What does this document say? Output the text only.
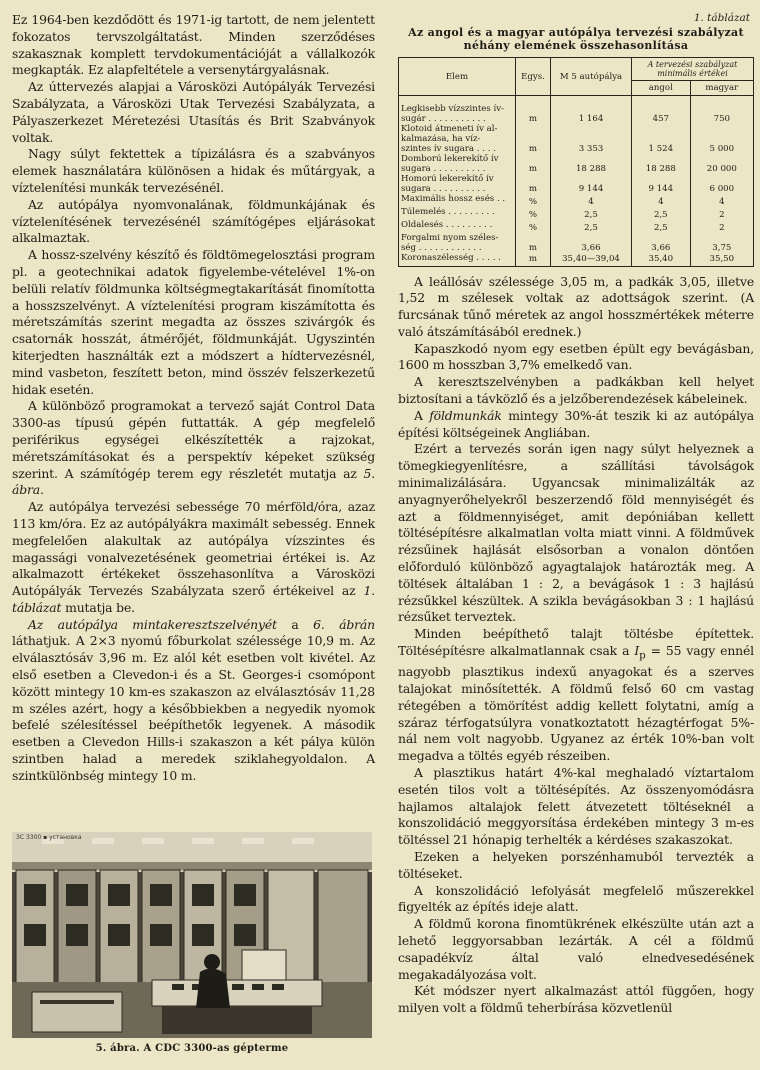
Ez 1964-ben kezdődött és 1971-ig tartott, de nem jelentett fokozatos tervszolgáltatást. Minden szerződéses szakasznak komplett tervdokumentációját a vállalkozók megkapták. Ez alapfeltétele a versenytárgyalásnak.

Az úttervezés alapjai a Városközi Autópályák Tervezési Szabályzata, a Városközi Utak Tervezési Szabályzata, a Pályaszerkezet Méretezési Utasítás és Brit Szabványok voltak.

Nagy súlyt fektettek a típizálásra és a szabványos elemek használatára különösen a hidak és műtárgyak, a víztelenítési munkák tervezésénél.

Az autópálya nyomvonalának, földmunkájának és víztelenítésének tervezésénél számítógépes eljárásokat alkalmaztak.

A hossz-szelvény készítő és földtömegelosztási program pl. a geotechnikai adatok figyelembe-vételével 1%-on belüli relatív földmunka költségmegtakarítását finomította a hosszszelvényt. A víztelenítési program kiszámította és méretszámítás szerint megadta az összes szivárgók és csatornák hosszát, átmérőjét, földmunkáját. Ugyszintén kiterjedten használták ezt a módszert a hídtervezésnél, mind vasbeton, feszített beton, mind összév felszerkezetű hidak esetén.

A különböző programokat a tervező saját Control Data 3300-as típusú gépén futtatták. A gép megfelelő periférikus egységei elkészítették a rajzokat, méretszámításokat és a perspektív képeket szükség szerint. A számítógép terem egy részletét mutatja az 5. ábra.

Az autópálya tervezési sebessége 70 mérföld/óra, azaz 113 km/óra. Ez az autópályákra maximált sebesség. Ennek megfelelően alakultak az autópálya vízszintes és magassági vonalvezetésének geometriai értékei is. Az alkalmazott értékeket összehasonlítva a Városközi Autópályák Tervezés Szabályzata szerő értékeivel az 1. táblázat mutatja be.

Az autópálya mintakeresztszelvényét a 6. ábrán láthatjuk. A 2×3 nyomú főburkolat szélessége 10,9 m. Az elválasztósáv 3,96 m. Ez alól két esetben volt kivétel. Az első esetben a Clevedon-i és a St. Georges-i csomópont között mintegy 10 km-es szakaszon az elválasztósáv 11,28 m széles azért, hogy a későbbiekben a negyedik nyomok befelé szélesítéssel beépíthetők legyenek. A második esetben a Clevedon Hills-i szakaszon a két pálya külön szintben halad a meredek sziklahegyoldalon. A szintkülönbség mintegy 10 m.

ЗС 3300 ▪ установка
5. ábra. A CDC 3300-as gépterme
1. táblázat
Az angol és a magyar autópálya tervezési szabályzat
néhány elemének összehasonlítása
Elem	Egys.	M 5 autópálya	A tervezési szabályzat minimális értékei	
			angol	magyar

Legkisebb vízszintes ív-
sugár . . . . . . . . . . .	m	1 164	457	750

Klotoid átmeneti ív al-
kalmazása, ha víz-
szintes ív sugara . . . .	m	3 353	1 524	5 000

Domború lekerekítő ív
sugara . . . . . . . . . .	m	18 288	18 288	20 000

Homorú lekerekítő ív
sugara . . . . . . . . . .	m	9 144	9 144	6 000

Maximális hossz esés . .	%	4	4	4

Túlemelés . . . . . . . . .	%	2,5	2,5	2

Oldalesés . . . . . . . . .	%	2,5	2,5	2

Forgalmi nyom széles-
ség . . . . . . . . . . . .	m	3,66	3,66	3,75

Koronaszélesség . . . . .	m	35,40—39,04	35,40	35,50

A leállósáv szélessége 3,05 m, a padkák 3,05, illetve 1,52 m szélesek voltak az adottságok szerint. (A furcsának tűnő méretek az angol hosszmértékek méterre való átszámításából erednek.)

Kapaszkodó nyom egy esetben épült egy bevágásban, 1600 m hosszban 3,7% emelkedő van.

A keresztszelvényben a padkákban kell helyet biztosítani a távközlő és a jelzőberendezések kábeleinek.

A földmunkák mintegy 30%-át teszik ki az autópálya építési költségeinek Angliában.

Ezért a tervezés során igen nagy súlyt helyeznek a tömegkiegyenlítésre, a szállítási távolságok minimalizálására. Ugyancsak minimalizálták az anyagnyerőhelyekről beszerzendő föld mennyiségét és azt a földmennyiséget, amit depóniában kellett töltésépítésre alkalmatlan volta miatt vinni. A földművek rézsűinek hajlását elsősorban a vonalon döntően előforduló különböző agyagtalajok határozták meg. A töltések általában 1 : 2, a bevágások 1 : 3 hajlású rézsűkkel készültek. A szikla bevágásokban 3 : 1 hajlású rézsűket terveztek.

Minden beépíthető talajt töltésbe építettek. Töltésépítésre alkalmatlannak csak a $I_p = 55$ vagy ennél nagyobb plasztikus indexű anyagokat és a szerves talajokat minősítették. A földmű felső 60 cm vastag rétegében a tömörítést addig kellett folytatni, amíg a száraz térfogatsúlyra vonatkoztatott hézagtérfogat 5%-nál nem volt nagyobb. Ugyanez az érték 10%-ban volt megadva a töltés egyéb részeiben.

A plasztikus határt 4%-kal meghaladó víztartalom esetén tilos volt a töltésépítés. Az összenyomódásra hajlamos altalajok felett átvezetett töltéseknél a konszolidáció meggyorsítása érdekében mintegy 3 m-es töltéssel 21 hónapig terhelték a kérdéses szakaszokat.

Ezeken a helyeken porszénhamuból tervezték a töltéseket.

A konszolidáció lefolyását megfelelő műszerekkel figyelték az építés ideje alatt.

A földmű korona finomtükrének elkészülte után azt a lehető leggyorsabban lezárták. A cél a földmű csapadékvíz által való elnedvesedésének megakadályozása volt.

Két módszer nyert alkalmazást attól függően, hogy milyen volt a földmű teherbírása közvetlenül
